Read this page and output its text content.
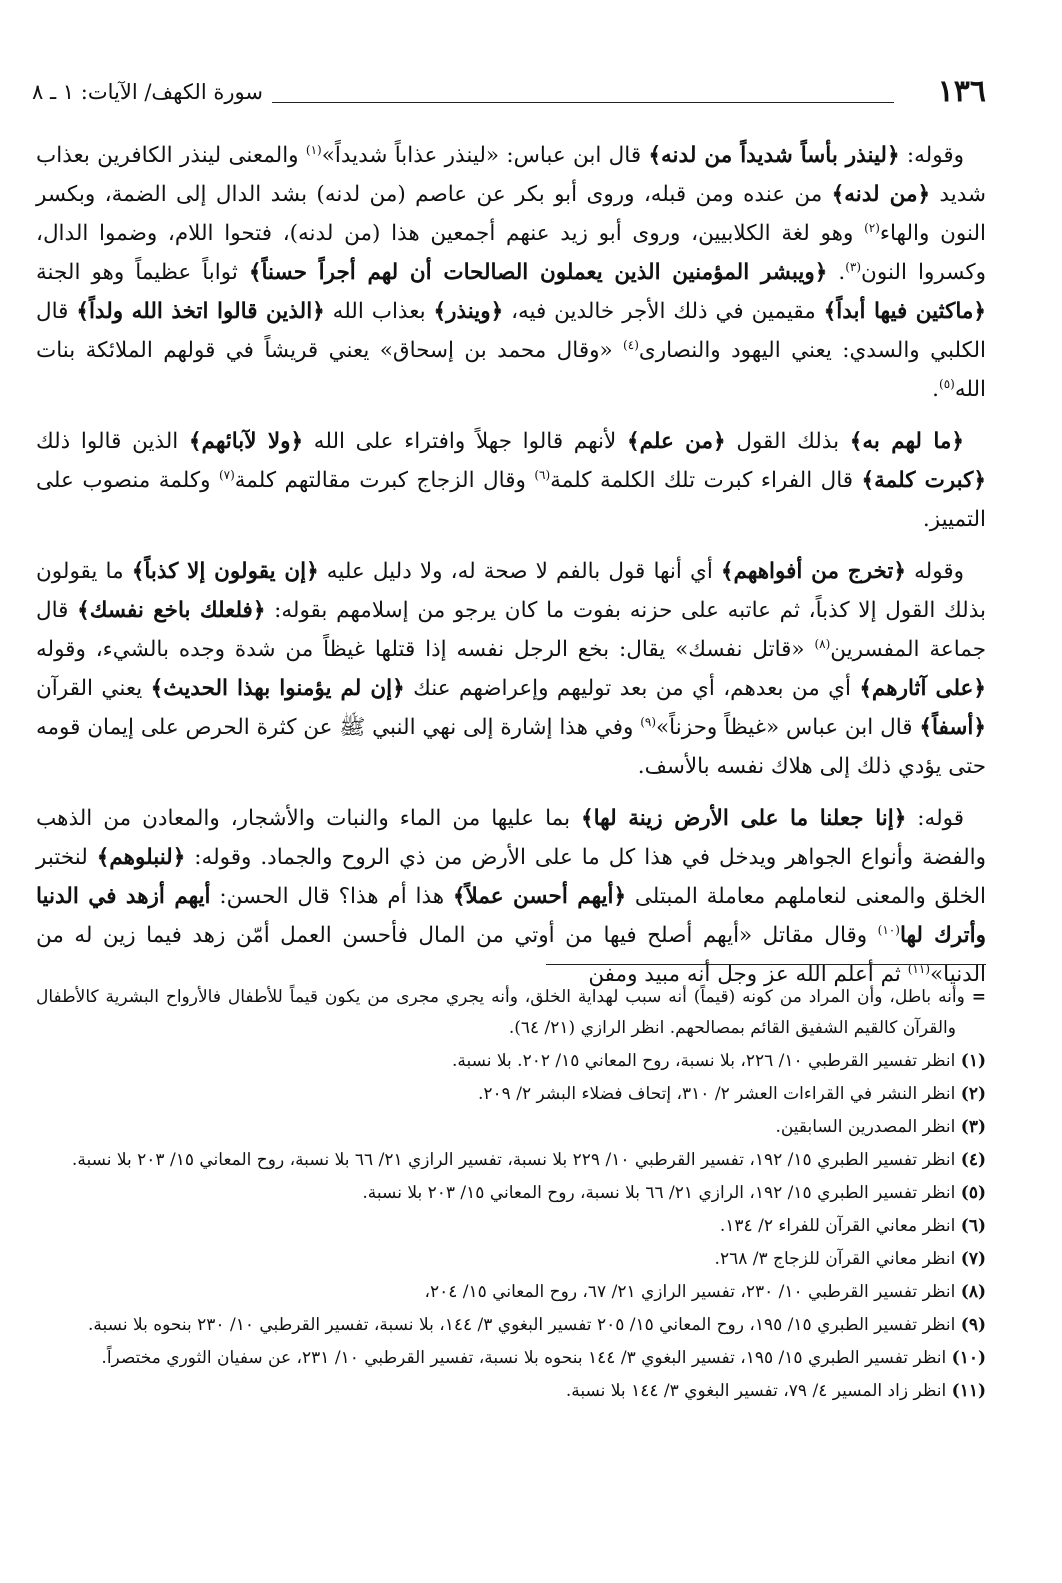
١٣٦
سورة الكهف/ الآيات: ١ ـ ٨

وقوله: ﴿لينذر بأساً شديداً من لدنه﴾ قال ابن عباس: «لينذر عذاباً شديداً»$^{(١)}$ والمعنى لينذر الكافرين بعذاب شديد ﴿من لدنه﴾ من عنده ومن قبله، وروى أبو بكر عن عاصم (من لدنه) بشد الدال إلى الضمة، وبكسر النون والهاء$^{(٢)}$ وهو لغة الكلابيين، وروى أبو زيد عنهم أجمعين هذا (من لدنه)، فتحوا اللام، وضموا الدال، وكسروا النون$^{(٣)}$. ﴿ويبشر المؤمنين الذين يعملون الصالحات أن لهم أجراً حسناً﴾ ثواباً عظيماً وهو الجنة ﴿ماكثين فيها أبداً﴾ مقيمين في ذلك الأجر خالدين فيه، ﴿وينذر﴾ بعذاب الله ﴿الذين قالوا اتخذ الله ولداً﴾ قال الكلبي والسدي: يعني اليهود والنصارى$^{(٤)}$ «وقال محمد بن إسحاق» يعني قريشاً في قولهم الملائكة بنات الله$^{(٥)}$.

﴿ما لهم به﴾ بذلك القول ﴿من علم﴾ لأنهم قالوا جهلاً وافتراء على الله ﴿ولا لآبائهم﴾ الذين قالوا ذلك ﴿كبرت كلمة﴾ قال الفراء كبرت تلك الكلمة كلمة$^{(٦)}$ وقال الزجاج كبرت مقالتهم كلمة$^{(٧)}$ وكلمة منصوب على التمييز.

وقوله ﴿تخرج من أفواههم﴾ أي أنها قول بالفم لا صحة له، ولا دليل عليه ﴿إن يقولون إلا كذباً﴾ ما يقولون بذلك القول إلا كذباً، ثم عاتبه على حزنه بفوت ما كان يرجو من إسلامهم بقوله: ﴿فلعلك باخع نفسك﴾ قال جماعة المفسرين$^{(٨)}$ «قاتل نفسك» يقال: بخع الرجل نفسه إذا قتلها غيظاً من شدة وجده بالشيء، وقوله ﴿على آثارهم﴾ أي من بعدهم، أي من بعد توليهم وإعراضهم عنك ﴿إن لم يؤمنوا بهذا الحديث﴾ يعني القرآن ﴿أسفاً﴾ قال ابن عباس «غيظاً وحزناً»$^{(٩)}$ وفي هذا إشارة إلى نهي النبي ﷺ عن كثرة الحرص على إيمان قومه حتى يؤدي ذلك إلى هلاك نفسه بالأسف.

قوله: ﴿إنا جعلنا ما على الأرض زينة لها﴾ بما عليها من الماء والنبات والأشجار، والمعادن من الذهب والفضة وأنواع الجواهر ويدخل في هذا كل ما على الأرض من ذي الروح والجماد. وقوله: ﴿لنبلوهم﴾ لنختبر الخلق والمعنى لنعاملهم معاملة المبتلى ﴿أيهم أحسن عملاً﴾ هذا أم هذا؟ قال الحسن: أيهم أزهد في الدنيا وأترك لها$^{(١٠)}$ وقال مقاتل «أيهم أصلح فيها من أوتي من المال فأحسن العمل أمّن زهد فيما زين له من الدنيا»$^{(١١)}$ ثم أعلم الله عز وجل أنه مبيد ومفن

= وأنه باطل، وأن المراد من كونه (قيماً) أنه سبب لهداية الخلق، وأنه يجري مجرى من يكون قيماً للأطفال فالأرواح البشرية كالأطفال والقرآن كالقيم الشفيق القائم بمصالحهم. انظر الرازي (٢١/ ٦٤).

(١) انظر تفسير القرطبي ١٠/ ٢٢٦، بلا نسبة، روح المعاني ١٥/ ٢٠٢. بلا نسبة.

(٢) انظر النشر في القراءات العشر ٢/ ٣١٠، إتحاف فضلاء البشر ٢/ ٢٠٩.

(٣) انظر المصدرين السابقين.

(٤) انظر تفسير الطبري ١٥/ ١٩٢، تفسير القرطبي ١٠/ ٢٢٩ بلا نسبة، تفسير الرازي ٢١/ ٦٦ بلا نسبة، روح المعاني ١٥/ ٢٠٣ بلا نسبة.

(٥) انظر تفسير الطبري ١٥/ ١٩٢، الرازي ٢١/ ٦٦ بلا نسبة، روح المعاني ١٥/ ٢٠٣ بلا نسبة.

(٦) انظر معاني القرآن للفراء ٢/ ١٣٤.

(٧) انظر معاني القرآن للزجاج ٣/ ٢٦٨.

(٨) انظر تفسير القرطبي ١٠/ ٢٣٠، تفسير الرازي ٢١/ ٦٧، روح المعاني ١٥/ ٢٠٤،

(٩) انظر تفسير الطبري ١٥/ ١٩٥، روح المعاني ١٥/ ٢٠٥ تفسير البغوي ٣/ ١٤٤، بلا نسبة، تفسير القرطبي ١٠/ ٢٣٠ بنحوه بلا نسبة.

(١٠) انظر تفسير الطبري ١٥/ ١٩٥، تفسير البغوي ٣/ ١٤٤ بنحوه بلا نسبة، تفسير القرطبي ١٠/ ٢٣١، عن سفيان الثوري مختصراً.

(١١) انظر زاد المسير ٤/ ٧٩، تفسير البغوي ٣/ ١٤٤ بلا نسبة.
